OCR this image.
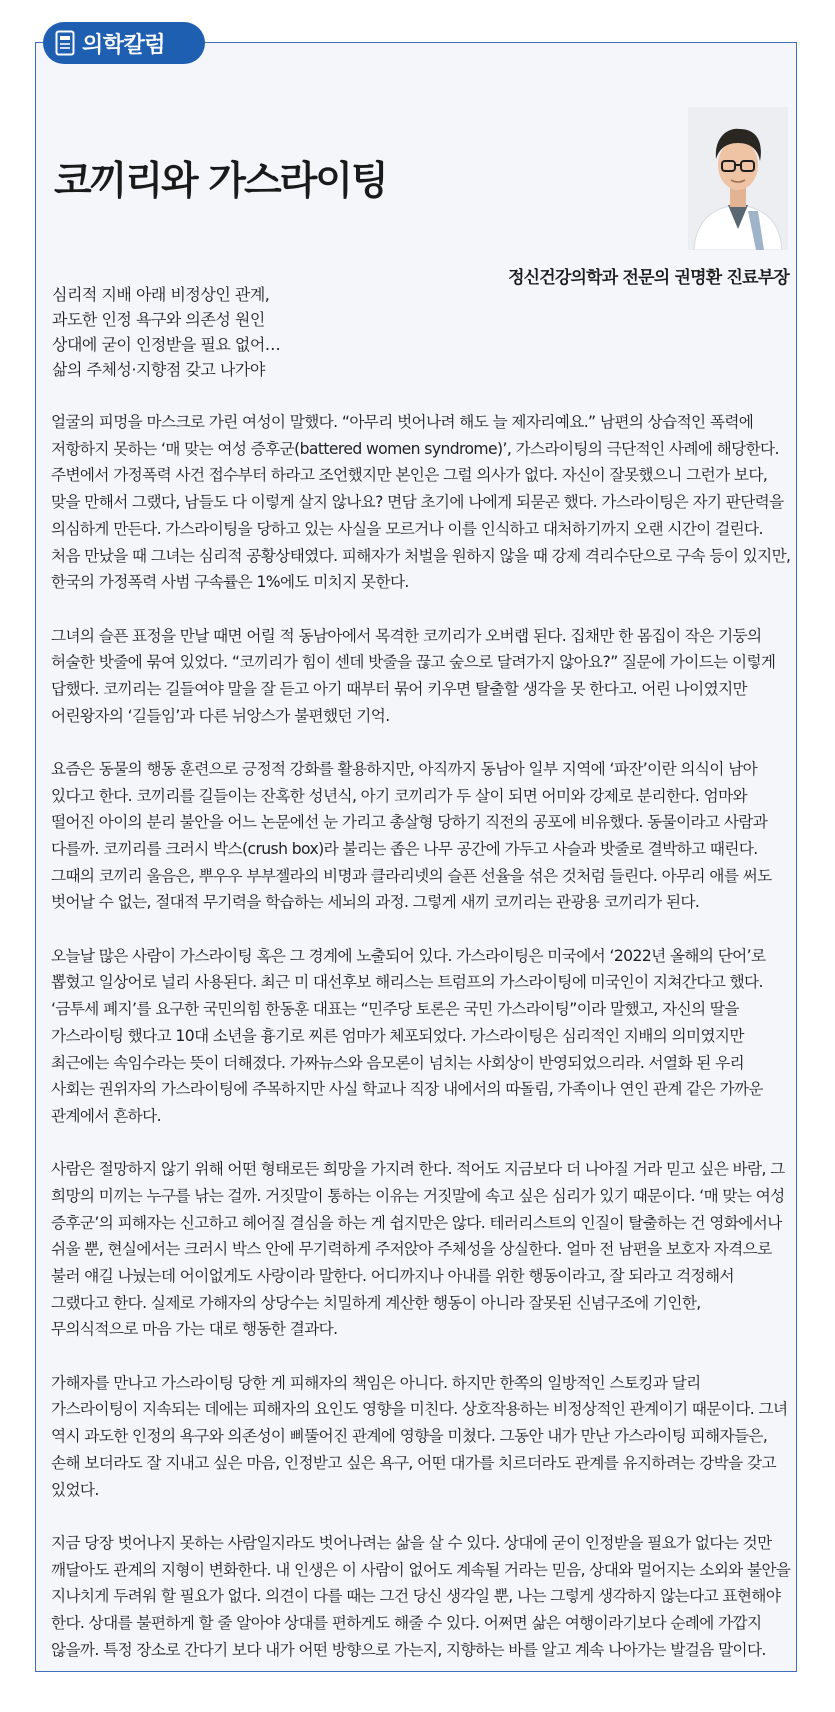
의학칼럼
코끼리와 가스라이팅
정신건강의학과 전문의 권명환 진료부장
심리적 지배 아래 비정상인 관계,
과도한 인정 욕구와 의존성 원인
상대에 굳이 인정받을 필요 없어…
삶의 주체성·지향점 갖고 나가야

얼굴의 피멍을 마스크로 가린 여성이 말했다. “아무리 벗어나려 해도 늘 제자리예요.” 남편의 상습적인 폭력에 저항하지 못하는 ‘매 맞는 여성 증후군(battered women syndrome)’, 가스라이팅의 극단적인 사례에 해당한다. 주변에서 가정폭력 사건 접수부터 하라고 조언했지만 본인은 그럴 의사가 없다. 자신이 잘못했으니 그런가 보다, 맞을 만해서 그랬다, 남들도 다 이렇게 살지 않나요? 면담 초기에 나에게 되묻곤 했다. 가스라이팅은 자기 판단력을 의심하게 만든다. 가스라이팅을 당하고 있는 사실을 모르거나 이를 인식하고 대처하기까지 오랜 시간이 걸린다. 처음 만났을 때 그녀는 심리적 공황상태였다. 피해자가 처벌을 원하지 않을 때 강제 격리수단으로 구속 등이 있지만, 한국의 가정폭력 사범 구속률은 1%에도 미치지 못한다.

그녀의 슬픈 표정을 만날 때면 어릴 적 동남아에서 목격한 코끼리가 오버랩 된다. 집채만 한 몸집이 작은 기둥의 허술한 밧줄에 묶여 있었다. “코끼리가 힘이 센데 밧줄을 끊고 숲으로 달려가지 않아요?” 질문에 가이드는 이렇게 답했다. 코끼리는 길들여야 말을 잘 듣고 아기 때부터 묶어 키우면 탈출할 생각을 못 한다고. 어린 나이였지만 어린왕자의 ‘길들임’과 다른 뉘앙스가 불편했던 기억.

요즘은 동물의 행동 훈련으로 긍정적 강화를 활용하지만, 아직까지 동남아 일부 지역에 ‘파잔’이란 의식이 남아 있다고 한다. 코끼리를 길들이는 잔혹한 성년식, 아기 코끼리가 두 살이 되면 어미와 강제로 분리한다. 엄마와 떨어진 아이의 분리 불안을 어느 논문에선 눈 가리고 총살형 당하기 직전의 공포에 비유했다. 동물이라고 사람과 다를까. 코끼리를 크러시 박스(crush box)라 불리는 좁은 나무 공간에 가두고 사슬과 밧줄로 결박하고 때린다. 그때의 코끼리 울음은, 뿌우우 부부젤라의 비명과 클라리넷의 슬픈 선율을 섞은 것처럼 들린다. 아무리 애를 써도 벗어날 수 없는, 절대적 무기력을 학습하는 세뇌의 과정. 그렇게 새끼 코끼리는 관광용 코끼리가 된다.

오늘날 많은 사람이 가스라이팅 혹은 그 경계에 노출되어 있다. 가스라이팅은 미국에서 ‘2022년 올해의 단어’로 뽑혔고 일상어로 널리 사용된다. 최근 미 대선후보 해리스는 트럼프의 가스라이팅에 미국인이 지쳐간다고 했다. ‘금투세 폐지’를 요구한 국민의힘 한동훈 대표는 “민주당 토론은 국민 가스라이팅”이라 말했고, 자신의 딸을 가스라이팅 했다고 10대 소년을 흉기로 찌른 엄마가 체포되었다. 가스라이팅은 심리적인 지배의 의미였지만 최근에는 속임수라는 뜻이 더해졌다. 가짜뉴스와 음모론이 넘치는 사회상이 반영되었으리라. 서열화 된 우리 사회는 권위자의 가스라이팅에 주목하지만 사실 학교나 직장 내에서의 따돌림, 가족이나 연인 관계 같은 가까운 관계에서 흔하다.

사람은 절망하지 않기 위해 어떤 형태로든 희망을 가지려 한다. 적어도 지금보다 더 나아질 거라 믿고 싶은 바람, 그 희망의 미끼는 누구를 낚는 걸까. 거짓말이 통하는 이유는 거짓말에 속고 싶은 심리가 있기 때문이다. ‘매 맞는 여성 증후군’의 피해자는 신고하고 헤어질 결심을 하는 게 쉽지만은 않다. 테러리스트의 인질이 탈출하는 건 영화에서나 쉬울 뿐, 현실에서는 크러시 박스 안에 무기력하게 주저앉아 주체성을 상실한다. 얼마 전 남편을 보호자 자격으로 불러 얘길 나눴는데 어이없게도 사랑이라 말한다. 어디까지나 아내를 위한 행동이라고, 잘 되라고 걱정해서 그랬다고 한다. 실제로 가해자의 상당수는 치밀하게 계산한 행동이 아니라 잘못된 신념구조에 기인한, 무의식적으로 마음 가는 대로 행동한 결과다.

가해자를 만나고 가스라이팅 당한 게 피해자의 책임은 아니다. 하지만 한쪽의 일방적인 스토킹과 달리 가스라이팅이 지속되는 데에는 피해자의 요인도 영향을 미친다. 상호작용하는 비정상적인 관계이기 때문이다. 그녀 역시 과도한 인정의 욕구와 의존성이 삐뚤어진 관계에 영향을 미쳤다. 그동안 내가 만난 가스라이팅 피해자들은, 손해 보더라도 잘 지내고 싶은 마음, 인정받고 싶은 욕구, 어떤 대가를 치르더라도 관계를 유지하려는 강박을 갖고 있었다.

지금 당장 벗어나지 못하는 사람일지라도 벗어나려는 삶을 살 수 있다. 상대에 굳이 인정받을 필요가 없다는 것만 깨달아도 관계의 지형이 변화한다. 내 인생은 이 사람이 없어도 계속될 거라는 믿음, 상대와 멀어지는 소외와 불안을 지나치게 두려워 할 필요가 없다. 의견이 다를 때는 그건 당신 생각일 뿐, 나는 그렇게 생각하지 않는다고 표현해야 한다. 상대를 불편하게 할 줄 알아야 상대를 편하게도 해줄 수 있다. 어쩌면 삶은 여행이라기보다 순례에 가깝지 않을까. 특정 장소로 간다기 보다 내가 어떤 방향으로 가는지, 지향하는 바를 알고 계속 나아가는 발걸음 말이다.
